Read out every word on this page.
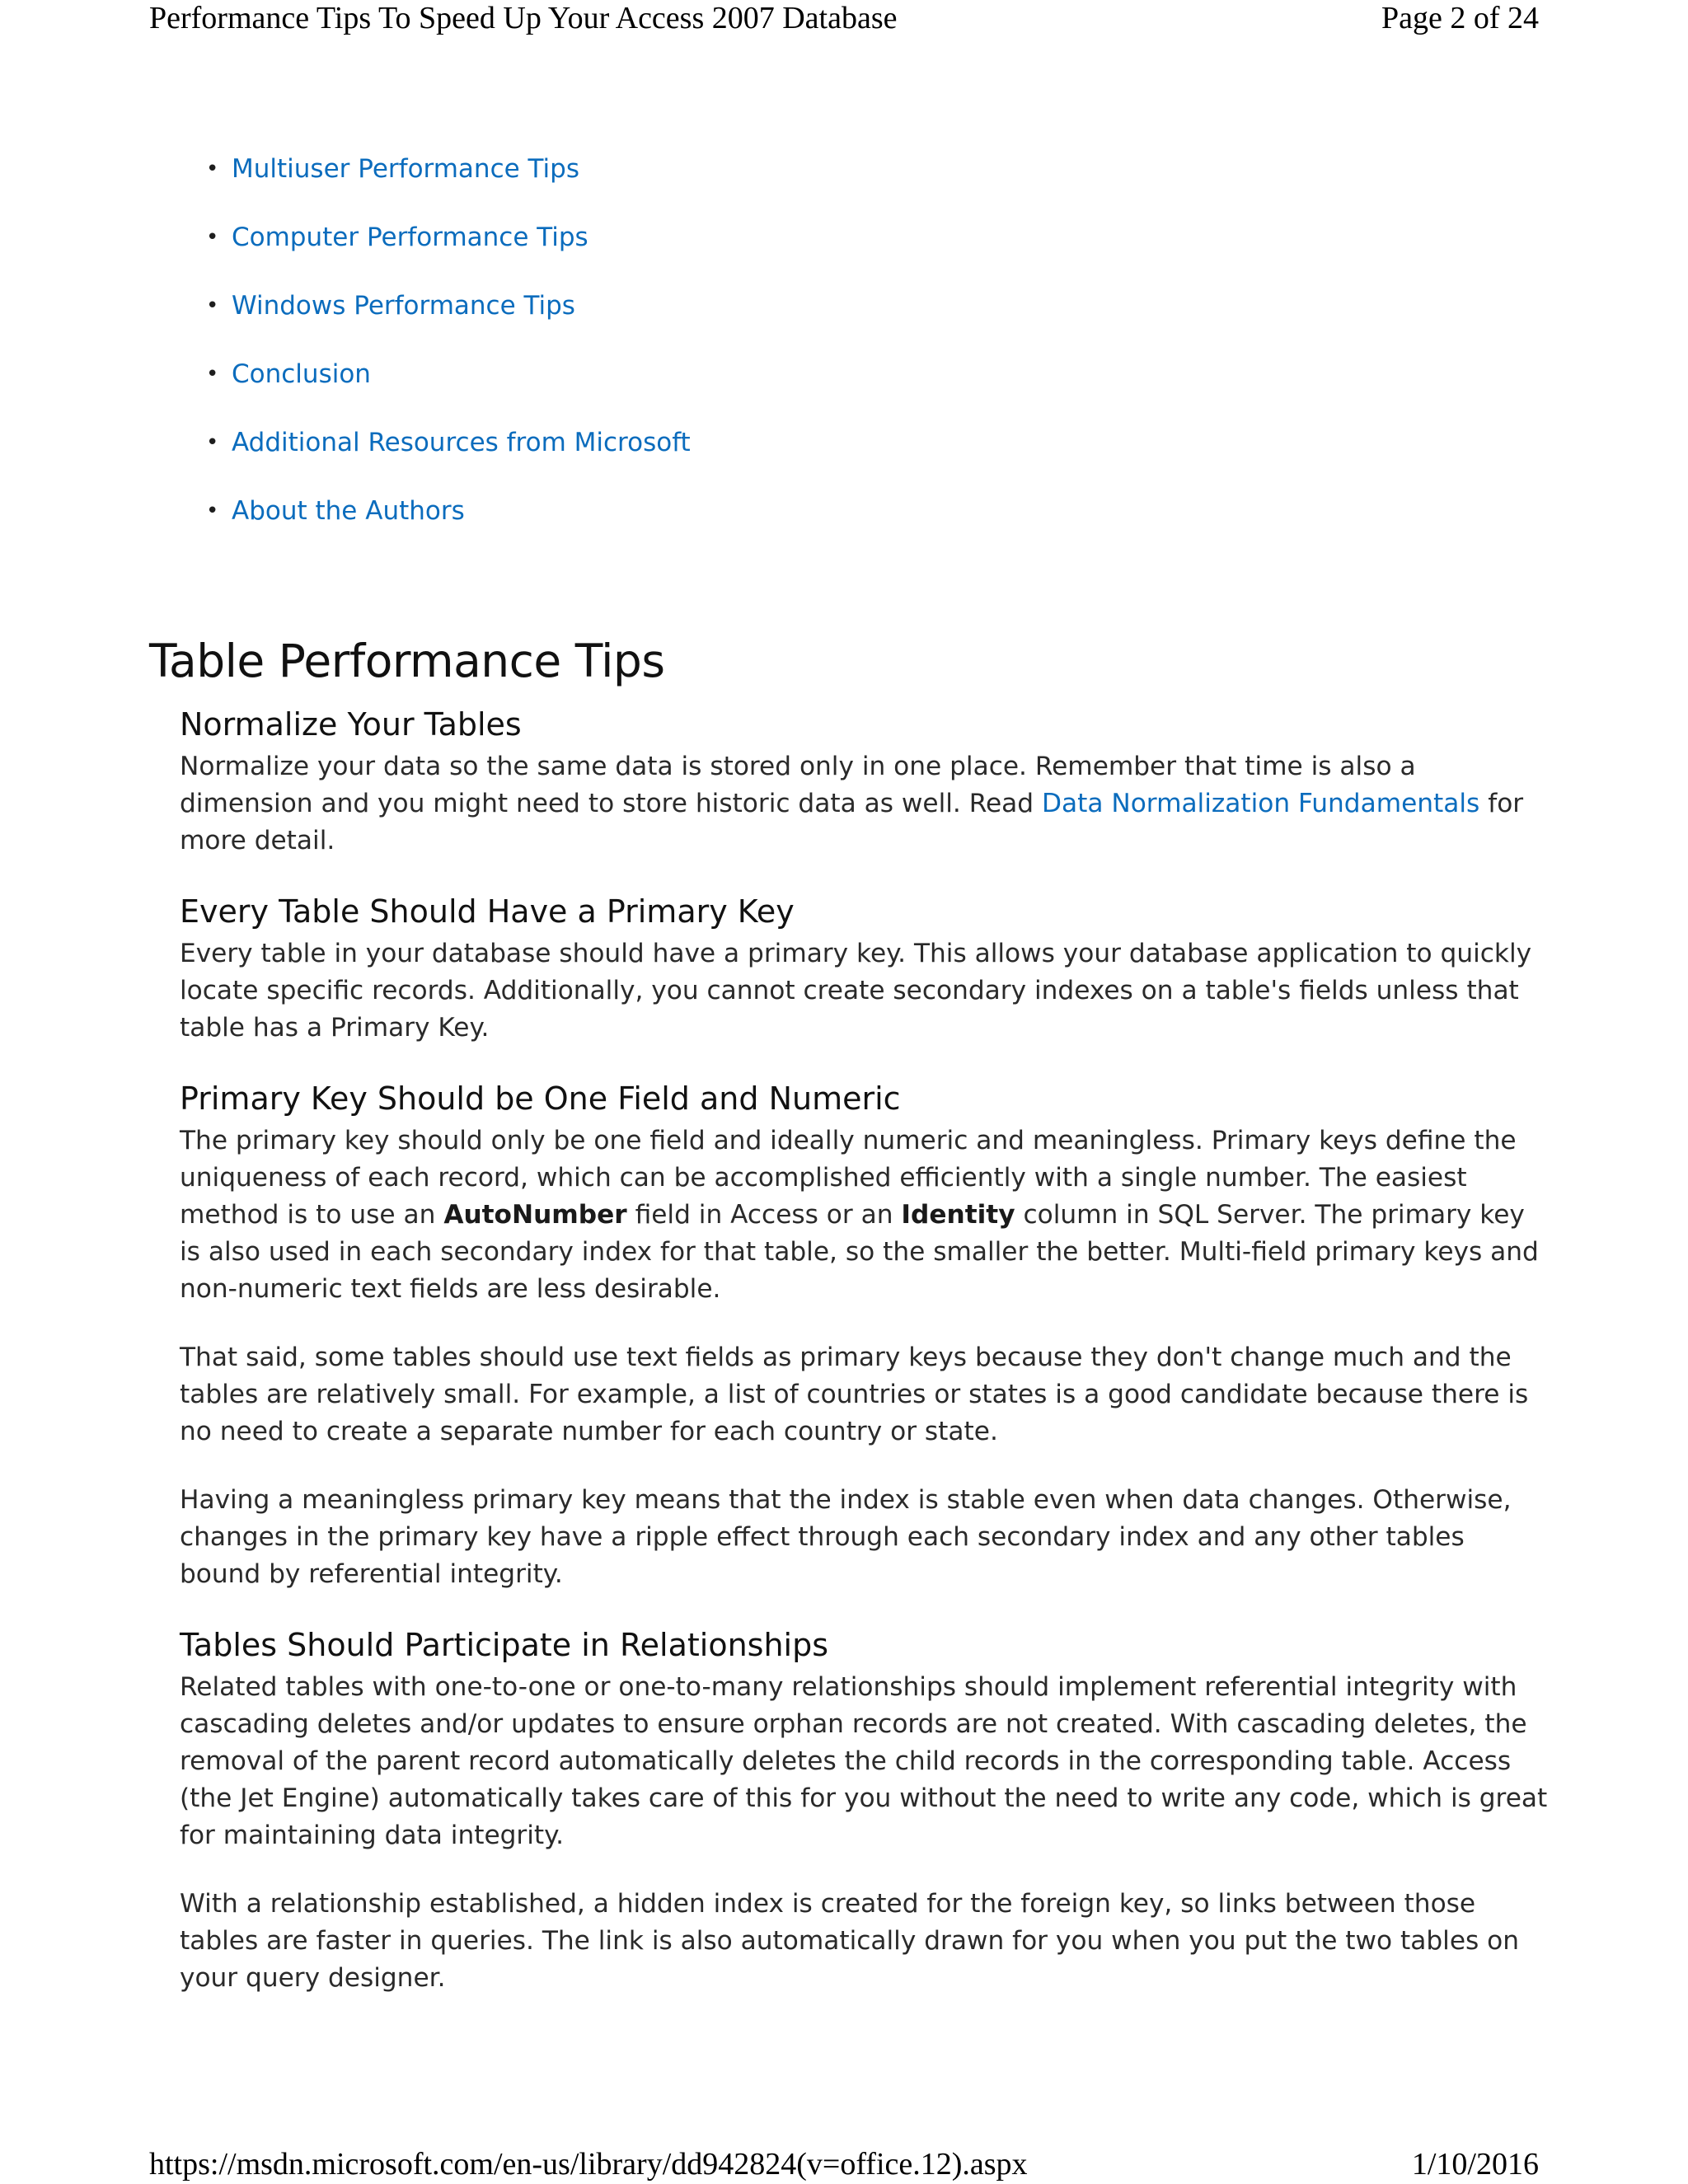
Performance Tips To Speed Up Your Access 2007 Database	Page 2 of 24
• Multiuser Performance Tips
• Computer Performance Tips
• Windows Performance Tips
• Conclusion
• Additional Resources from Microsoft
• About the Authors
Table Performance Tips
Normalize Your Tables

Normalize your data so the same data is stored only in one place. Remember that time is also a dimension and you might need to store historic data as well. Read Data Normalization Fundamentals for more detail.

Every Table Should Have a Primary Key

Every table in your database should have a primary key. This allows your database application to quickly locate specific records. Additionally, you cannot create secondary indexes on a table's fields unless that table has a Primary Key.

Primary Key Should be One Field and Numeric

The primary key should only be one field and ideally numeric and meaningless. Primary keys define the uniqueness of each record, which can be accomplished efficiently with a single number. The easiest method is to use an AutoNumber field in Access or an Identity column in SQL Server. The primary key is also used in each secondary index for that table, so the smaller the better. Multi-field primary keys and non-numeric text fields are less desirable.

That said, some tables should use text fields as primary keys because they don't change much and the tables are relatively small. For example, a list of countries or states is a good candidate because there is no need to create a separate number for each country or state.

Having a meaningless primary key means that the index is stable even when data changes. Otherwise, changes in the primary key have a ripple effect through each secondary index and any other tables bound by referential integrity.

Tables Should Participate in Relationships

Related tables with one-to-one or one-to-many relationships should implement referential integrity with cascading deletes and/or updates to ensure orphan records are not created. With cascading deletes, the removal of the parent record automatically deletes the child records in the corresponding table. Access (the Jet Engine) automatically takes care of this for you without the need to write any code, which is great for maintaining data integrity.

With a relationship established, a hidden index is created for the foreign key, so links between those tables are faster in queries. The link is also automatically drawn for you when you put the two tables on your query designer.

https://msdn.microsoft.com/en-us/library/dd942824(v=office.12).aspx	1/10/2016
